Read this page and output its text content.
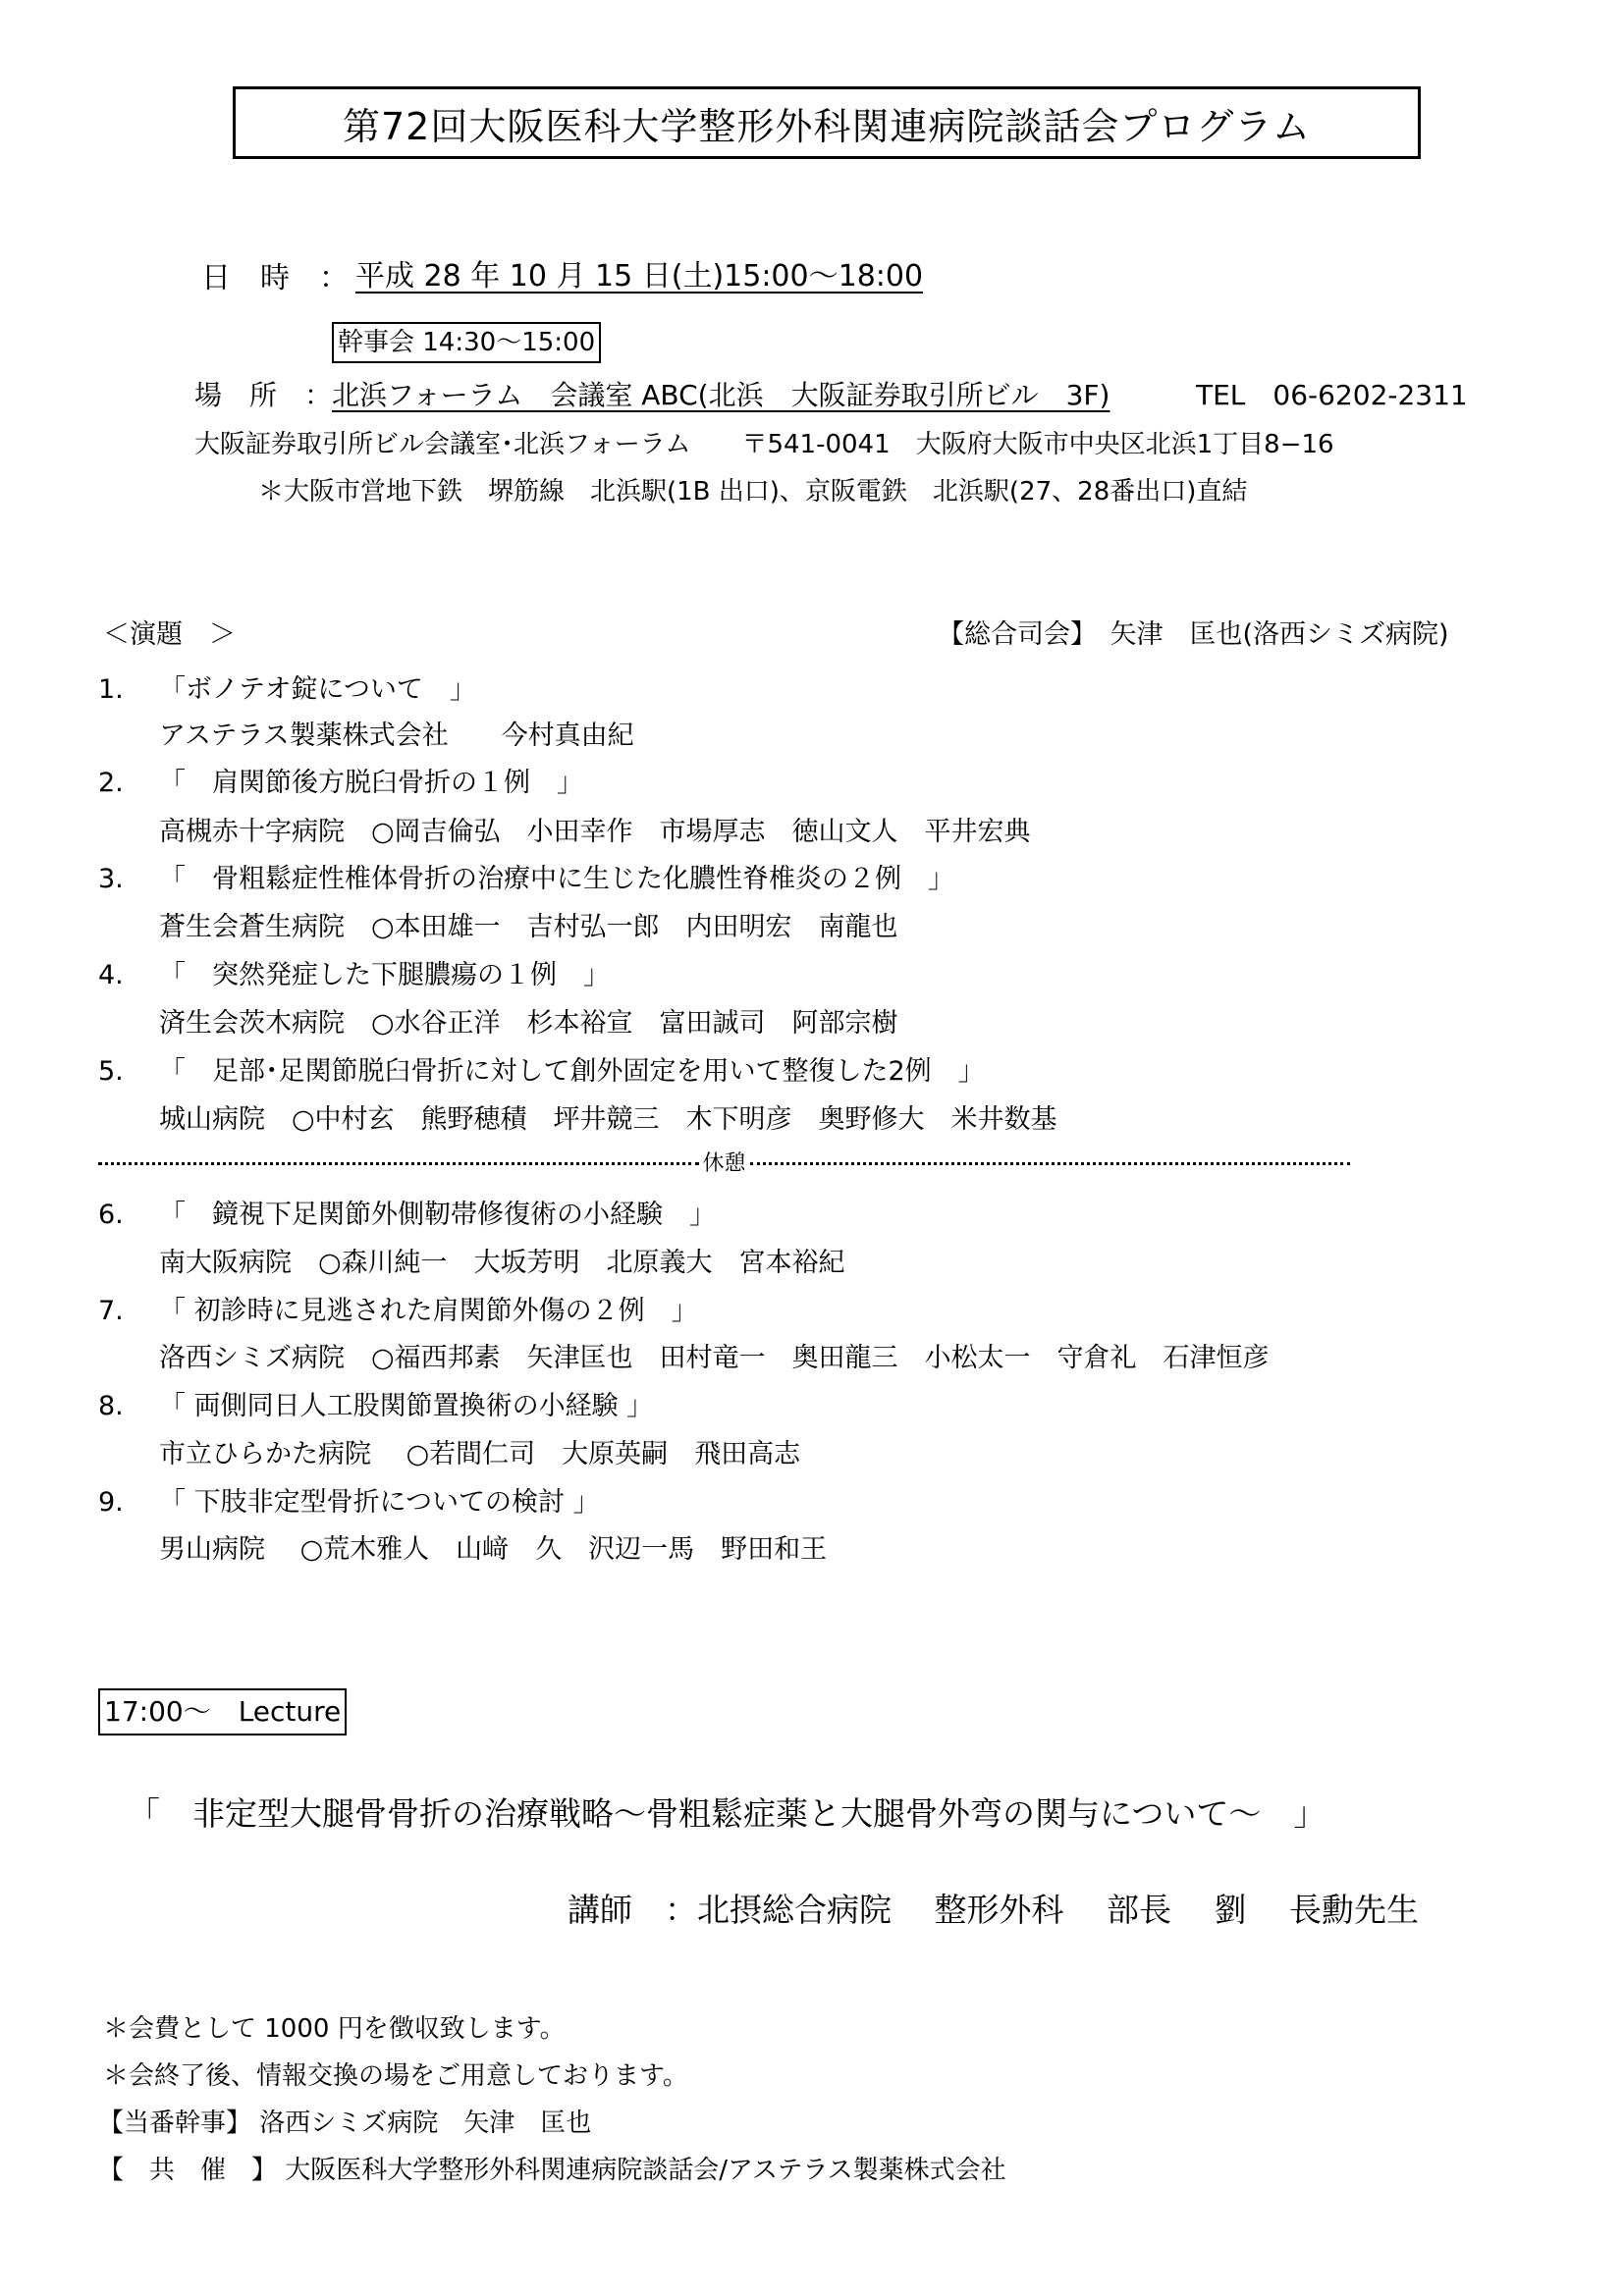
第72回大阪医科大学整形外科関連病院談話会プログラム
日　時　： 平成 28 年 10 月 15 日(土)15:00～18:00
幹事会 14:30～15:00
場　所　： 北浜フォーラム　会議室 ABC(北浜　大阪証券取引所ビル　3F)	TEL　06-6202-2311
大阪証券取引所ビル会議室･北浜フォーラム　　〒541-0041　大阪府大阪市中央区北浜1丁目8−16
＊大阪市営地下鉄　堺筋線　北浜駅(1B 出口)、京阪電鉄　北浜駅(27、28番出口)直結
＜演題　＞	【総合司会】　矢津　匡也(洛西シミズ病院)
1. 「ボノテオ錠について　」
アステラス製薬株式会社　　今村真由紀
2. 「　肩関節後方脱臼骨折の１例　」
高槻赤十字病院　○岡吉倫弘　小田幸作　市場厚志　徳山文人　平井宏典
3. 「　骨粗鬆症性椎体骨折の治療中に生じた化膿性脊椎炎の２例　」
蒼生会蒼生病院　○本田雄一　吉村弘一郎　内田明宏　南龍也
4. 「　突然発症した下腿膿瘍の１例　」
済生会茨木病院　○水谷正洋　杉本裕宣　富田誠司　阿部宗樹
5. 「　足部･足関節脱臼骨折に対して創外固定を用いて整復した2例　」
城山病院　○中村玄　熊野穂積　坪井競三　木下明彦　奥野修大　米井数基
休憩
6. 「　鏡視下足関節外側靭帯修復術の小経験　」
南大阪病院　○森川純一　大坂芳明　北原義大　宮本裕紀
7. 「 初診時に見逃された肩関節外傷の２例　」
洛西シミズ病院　○福西邦素　矢津匡也　田村竜一　奥田龍三　小松太一　守倉礼　石津恒彦
8. 「 両側同日人工股関節置換術の小経験 」
市立ひらかた病院　 ○若間仁司　大原英嗣　飛田高志
9. 「 下肢非定型骨折についての検討 」
男山病院　 ○荒木雅人　山﨑　久　沢辺一馬　野田和王
17:00～　Lecture
「　非定型大腿骨骨折の治療戦略～骨粗鬆症薬と大腿骨外弯の関与について～　」
講師　：北摂総合病院　 整形外科　 部長　 劉　 長勳先生
＊会費として 1000 円を徴収致します。
＊会終了後、情報交換の場をご用意しております。
【当番幹事】 洛西シミズ病院　矢津　匡也
【　共　催　】 大阪医科大学整形外科関連病院談話会/アステラス製薬株式会社
